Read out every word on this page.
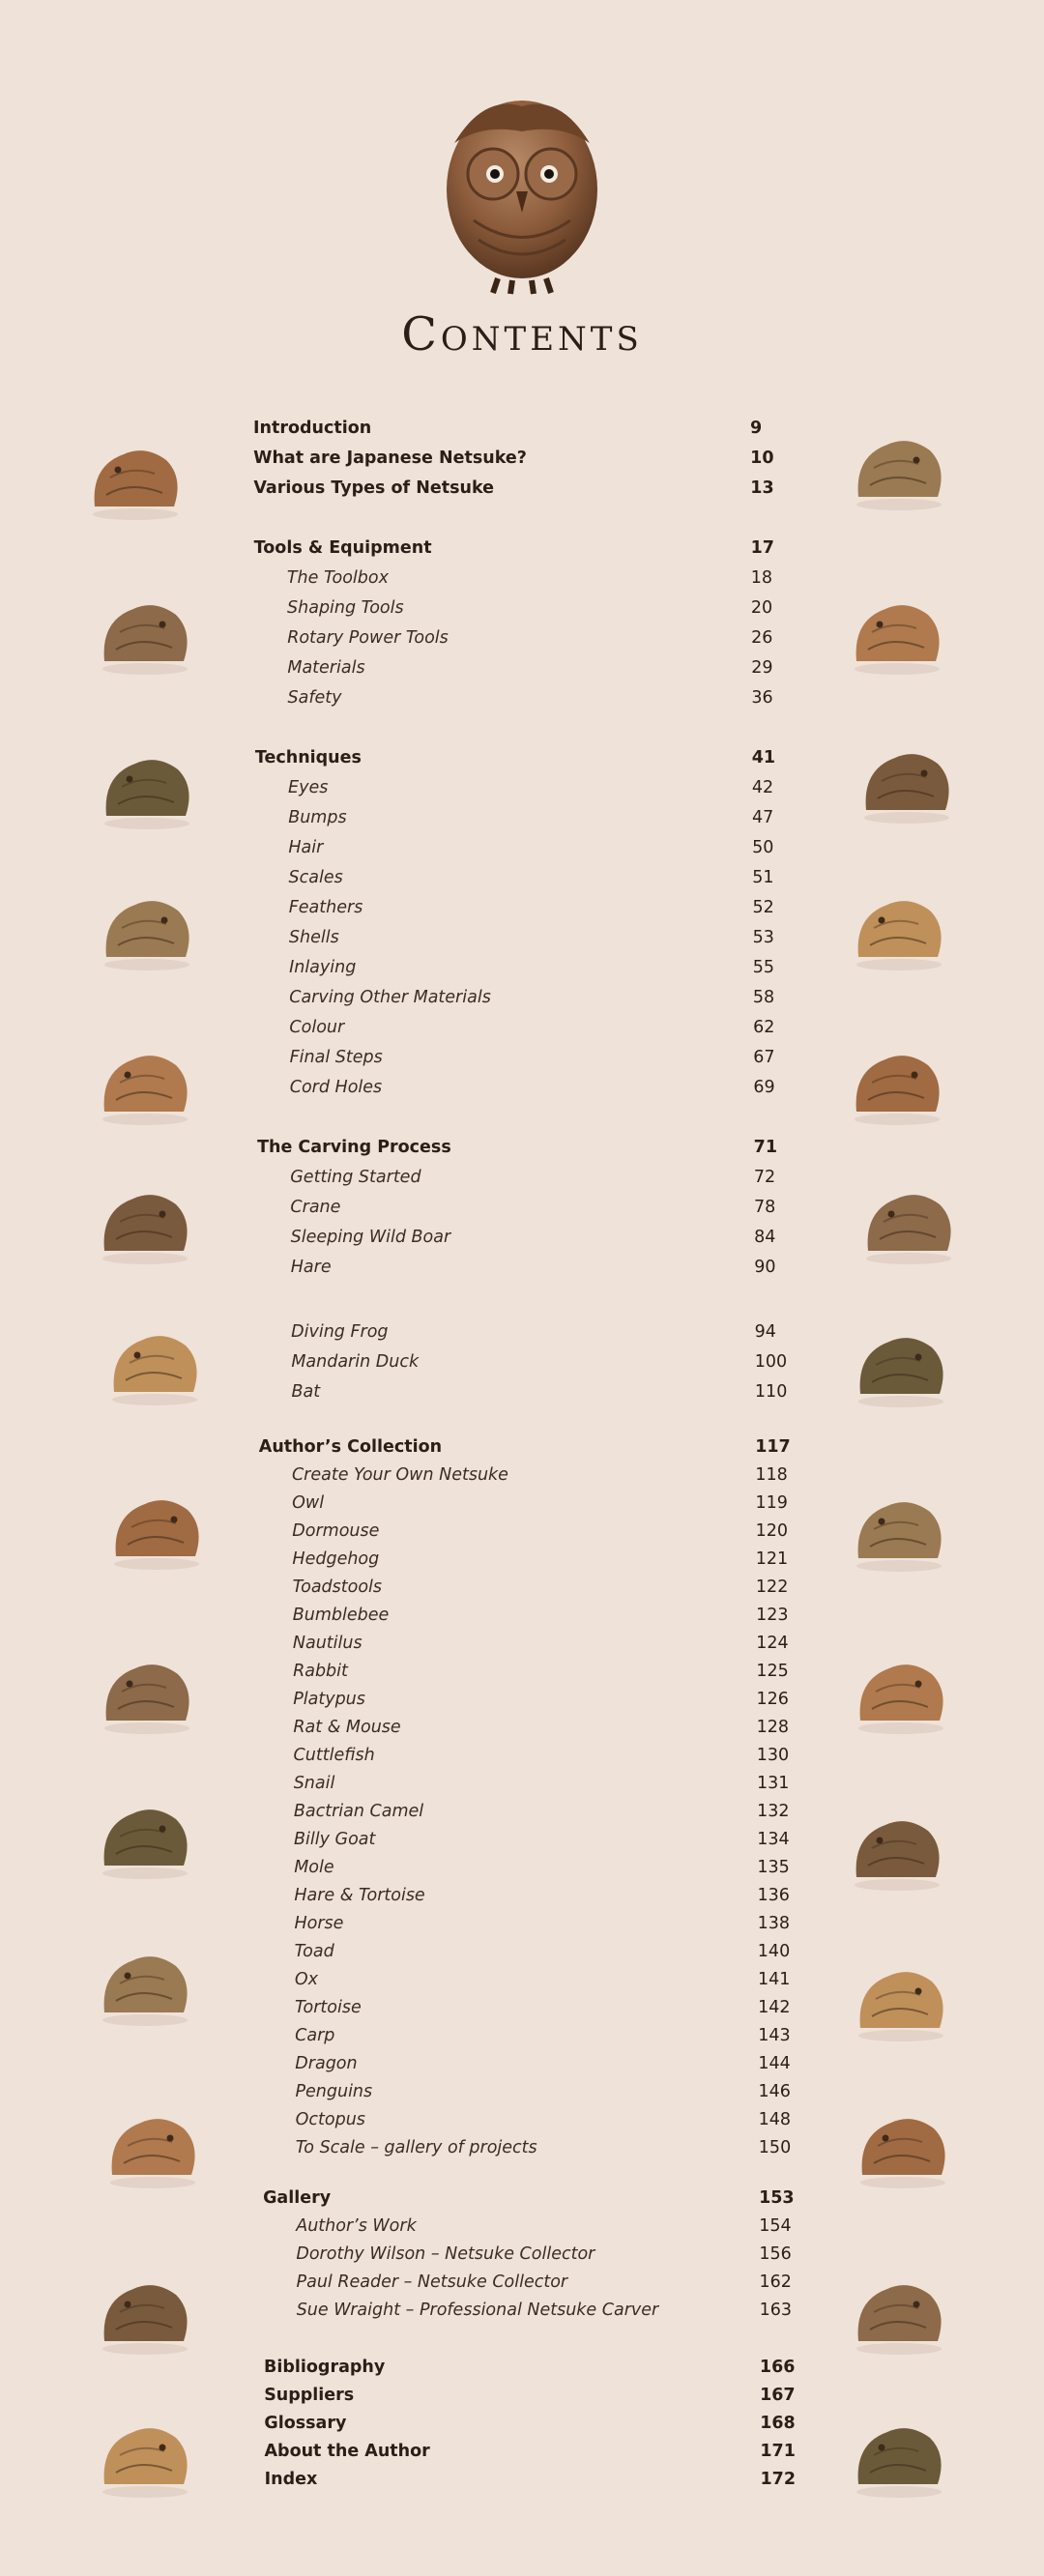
Contents
Introduction	9
What are Japanese Netsuke?	10
Various Types of Netsuke	13
Tools & Equipment	17
The Toolbox	18
Shaping Tools	20
Rotary Power Tools	26
Materials	29
Safety	36
Techniques	41
Eyes	42
Bumps	47
Hair	50
Scales	51
Feathers	52
Shells	53
Inlaying	55
Carving Other Materials	58
Colour	62
Final Steps	67
Cord Holes	69
The Carving Process	71
Getting Started	72
Crane	78
Sleeping Wild Boar	84
Hare	90
Diving Frog	94
Mandarin Duck	100
Bat	110
Author’s Collection	117
Create Your Own Netsuke	118
Owl	119
Dormouse	120
Hedgehog	121
Toadstools	122
Bumblebee	123
Nautilus	124
Rabbit	125
Platypus	126
Rat & Mouse	128
Cuttlefish	130
Snail	131
Bactrian Camel	132
Billy Goat	134
Mole	135
Hare & Tortoise	136
Horse	138
Toad	140
Ox	141
Tortoise	142
Carp	143
Dragon	144
Penguins	146
Octopus	148
To Scale – gallery of projects	150
Gallery	153
Author’s Work	154
Dorothy Wilson – Netsuke Collector	156
Paul Reader – Netsuke Collector	162
Sue Wraight – Professional Netsuke Carver	163
Bibliography	166
Suppliers	167
Glossary	168
About the Author	171
Index	172
